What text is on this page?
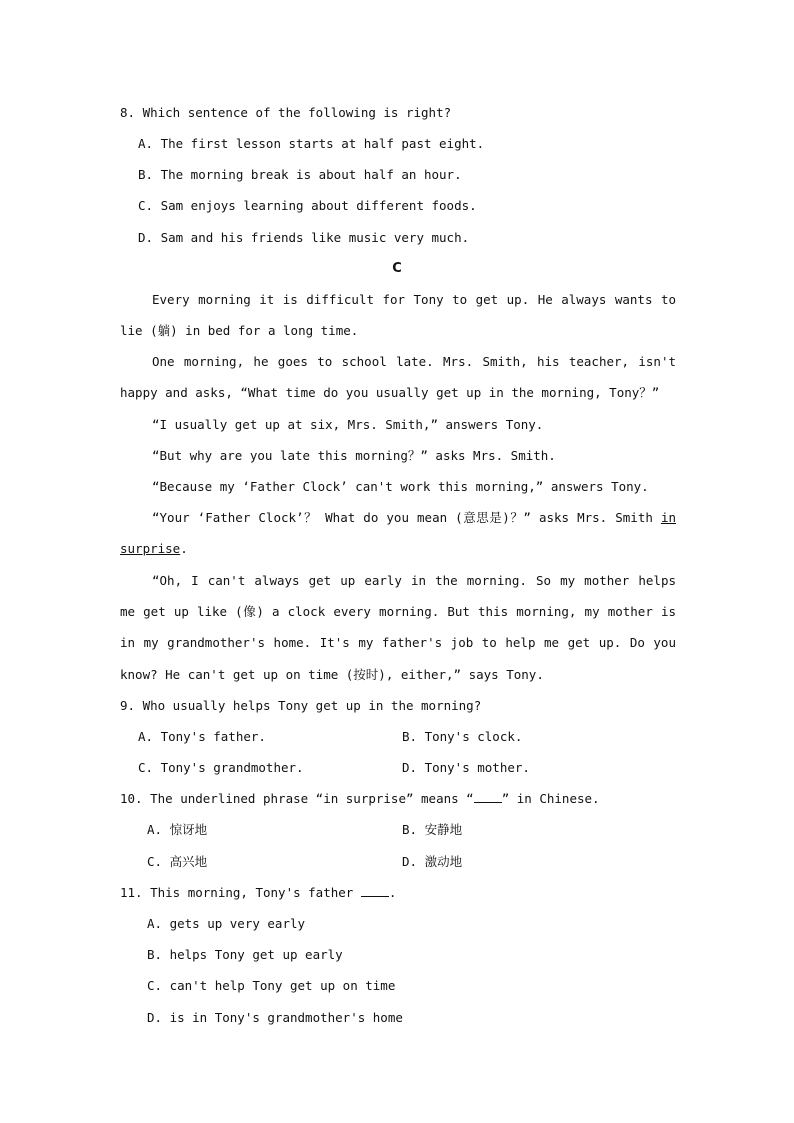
8. Which sentence of the following is right?
A. The first lesson starts at half past eight.
B. The morning break is about half an hour.
C. Sam enjoys learning about different foods.
D. Sam and his friends like music very much.
C
Every morning it is difficult for Tony to get up. He always wants to lie (躺) in bed for a long time.
One morning, he goes to school late. Mrs. Smith, his teacher, isn't happy and asks, “What time do you usually get up in the morning, Tony？”
“I usually get up at six, Mrs. Smith,” answers Tony.
“But why are you late this morning？” asks Mrs. Smith.
“Because my ‘Father Clock’ can't work this morning,” answers Tony.
“Your ‘Father Clock’？ What do you mean (意思是)？” asks Mrs. Smith in surprise.
“Oh, I can't always get up early in the morning. So my mother helps me get up like (像) a clock every morning. But this morning, my mother is in my grandmother's home. It's my father's job to help me get up. Do you know? He can't get up on time (按时), either,” says Tony.
9. Who usually helps Tony get up in the morning?
A. Tony's father.	B. Tony's clock.
C. Tony's grandmother.	D. Tony's mother.
10. The underlined phrase “in surprise” means “ ” in Chinese.
A. 惊讶地	B. 安静地
C. 高兴地	D. 激动地
11. This morning, Tony's father .
A. gets up very early
B. helps Tony get up early
C. can't help Tony get up on time
D. is in Tony's grandmother's home
